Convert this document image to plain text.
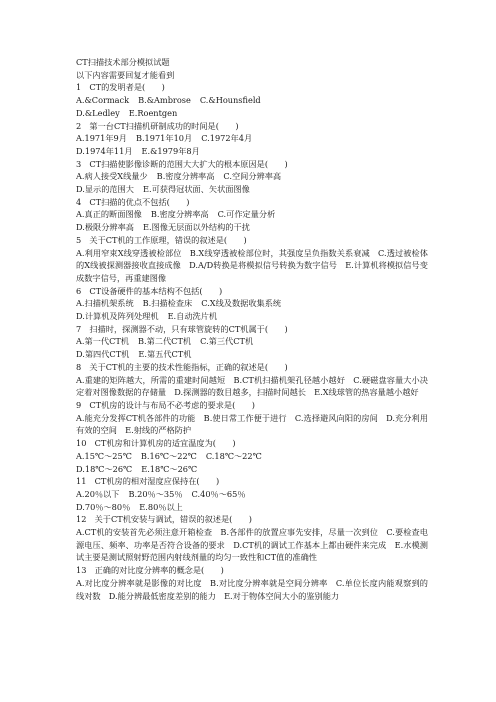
CT扫描技术部分模拟试题

以下内容需要回复才能看到

1　CT的发明者是(　　)

A.&Cormack B.&Ambrose C.&Hounsfield

D.&Ledley E.Roentgen

2　第一台CT扫描机研制成功的时间是(　　)

A.1971年9月 B.1971年10月 C.1972年4月

D.1974年11月 E.&1979年8月

3　CT扫描使影像诊断的范围大大扩大的根本原因是(　　)

A.病人接受X线量少 B.密度分辨率高 C.空间分辨率高

D.显示的范围大 E.可获得冠状面、矢状面图像

4　CT扫描的优点不包括(　　)

A.真正的断面图像 B.密度分辨率高 C.可作定量分析

D.极限分辨率高 E.图像无层面以外结构的干扰

5　关于CT机的工作原理，错误的叙述是(　　)

A.利用窄束X线穿透被检部位　B.X线穿透被检部位时，其强度呈负指数关系衰减　C.透过被检体的X线被探测器接收直接成像　D.A/D转换是将模拟信号转换为数字信号　E.计算机将模拟信号变成数字信号，再重建图像

6　CT设备硬件的基本结构不包括(　　)

A.扫描机架系统 B.扫描检查床 C.X线及数据收集系统

D.计算机及阵列处理机 E.自动洗片机

7　扫描时，探测器不动，只有球管旋转的CT机属于(　　)

A.第一代CT机 B.第二代CT机 C.第三代CT机

D.第四代CT机 E.第五代CT机

8　关于CT机的主要的技术性能指标，正确的叙述是(　　)

A.重建的矩阵越大，所需的重建时间越短　B.CT机扫描机架孔径越小越好　C.硬磁盘容量大小决定着对图像数据的存储量　D.探测器的数目越多，扫描时间越长　E.X线球管的热容量越小越好

9　CT机房的设计与布局不必考虑的要求是(　　)

A.能充分发挥CT机各部件的功能　B.使日常工作便于进行　C.选择避风向阳的房间　D.充分利用有效的空间　E.射线的严格防护

10　CT机房和计算机房的适宜温度为(　　)

A.15℃～25℃ B.16℃～22℃ C.18℃～22℃

D.18℃～26℃ E.18℃～26℃

11　CT机房的相对湿度应保持在(　　)

A.20％以下 B.20％～35％ C.40％～65％

D.70％～80％ E.80％以上

12　关于CT机安装与调试，错误的叙述是(　　)

A.CT机的安装首先必须注意开箱检查　B.各部件的放置应事先安排，尽量一次到位　C.要检查电源电压、频率、功率是否符合设备的要求　D.CT机的调试工作基本上都由硬件来完成　E.水模测试主要是测试照射野范围内射线剂量的均匀一致性和CT值的准确性

13　正确的对比度分辨率的概念是(　　)

A.对比度分辨率就是影像的对比度　B.对比度分辨率就是空间分辨率　C.单位长度内能观察到的线对数　D.能分辨最低密度差别的能力　E.对于物体空间大小的鉴别能力
